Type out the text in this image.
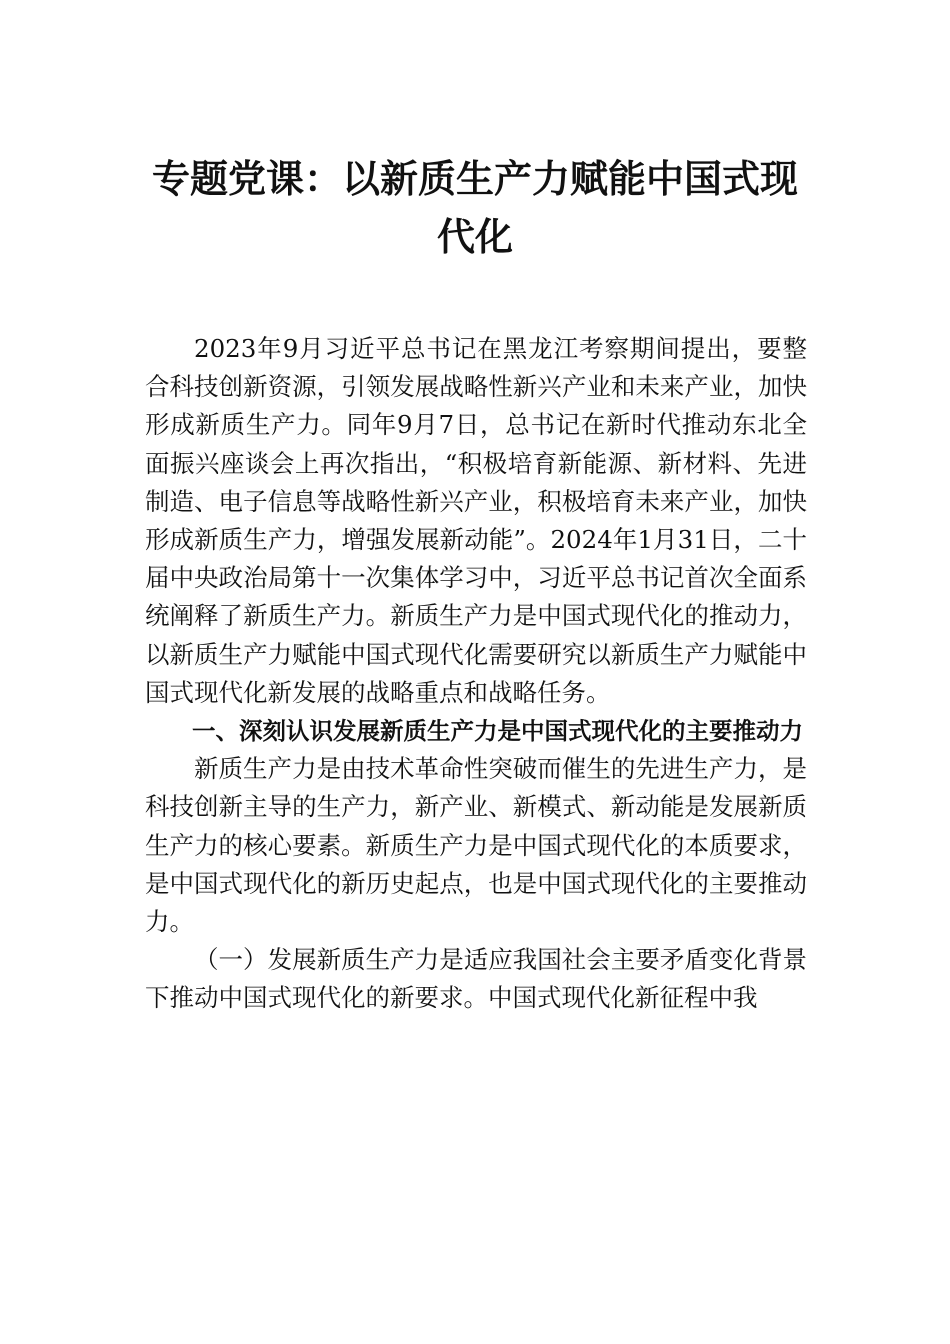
专题党课：以新质生产力赋能中国式现代化

2023年9月习近平总书记在黑龙江考察期间提出，要整合科技创新资源，引领发展战略性新兴产业和未来产业，加快形成新质生产力。同年9月7日，总书记在新时代推动东北全面振兴座谈会上再次指出，“积极培育新能源、新材料、先进制造、电子信息等战略性新兴产业，积极培育未来产业，加快形成新质生产力，增强发展新动能”。2024年1月31日，二十届中央政治局第十一次集体学习中，习近平总书记首次全面系统阐释了新质生产力。新质生产力是中国式现代化的推动力，以新质生产力赋能中国式现代化需要研究以新质生产力赋能中国式现代化新发展的战略重点和战略任务。

一、深刻认识发展新质生产力是中国式现代化的主要推动力

新质生产力是由技术革命性突破而催生的先进生产力，是科技创新主导的生产力，新产业、新模式、新动能是发展新质生产力的核心要素。新质生产力是中国式现代化的本质要求，是中国式现代化的新历史起点，也是中国式现代化的主要推动力。

（一）发展新质生产力是适应我国社会主要矛盾变化背景下推动中国式现代化的新要求。中国式现代化新征程中我
